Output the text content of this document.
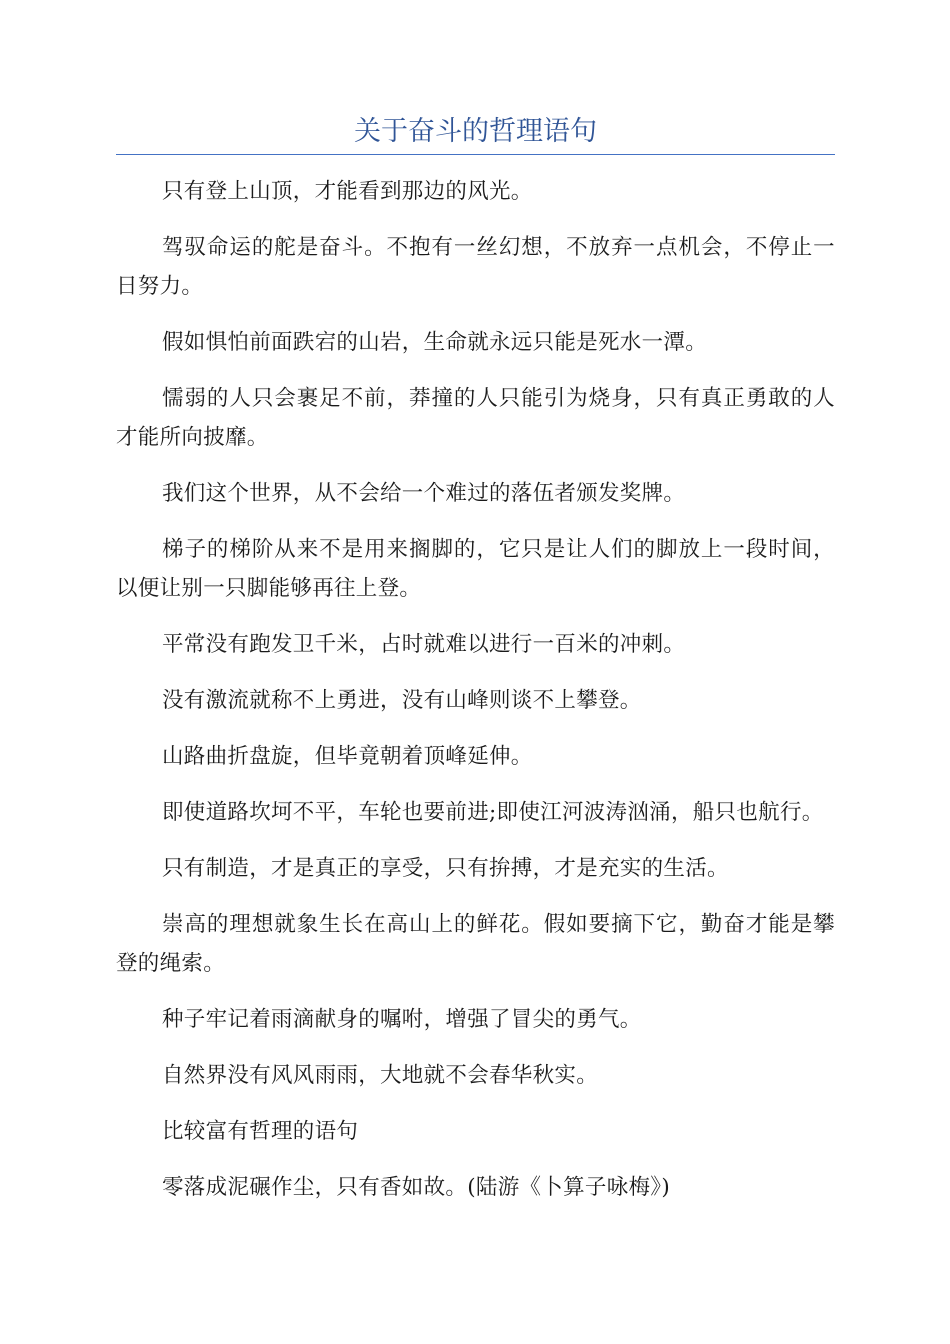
关于奋斗的哲理语句

只有登上山顶，才能看到那边的风光。

驾驭命运的舵是奋斗。不抱有一丝幻想，不放弃一点机会，不停止一日努力。

假如惧怕前面跌宕的山岩，生命就永远只能是死水一潭。

懦弱的人只会裹足不前，莽撞的人只能引为烧身，只有真正勇敢的人才能所向披靡。

我们这个世界，从不会给一个难过的落伍者颁发奖牌。

梯子的梯阶从来不是用来搁脚的，它只是让人们的脚放上一段时间，以便让别一只脚能够再往上登。

平常没有跑发卫千米，占时就难以进行一百米的冲刺。

没有激流就称不上勇进，没有山峰则谈不上攀登。

山路曲折盘旋，但毕竟朝着顶峰延伸。

即使道路坎坷不平，车轮也要前进;即使江河波涛汹涌，船只也航行。

只有制造，才是真正的享受，只有拚搏，才是充实的生活。

崇高的理想就象生长在高山上的鲜花。假如要摘下它，勤奋才能是攀登的绳索。

种子牢记着雨滴献身的嘱咐，增强了冒尖的勇气。

自然界没有风风雨雨，大地就不会春华秋实。

比较富有哲理的语句

零落成泥碾作尘，只有香如故。(陆游《卜算子咏梅》)
